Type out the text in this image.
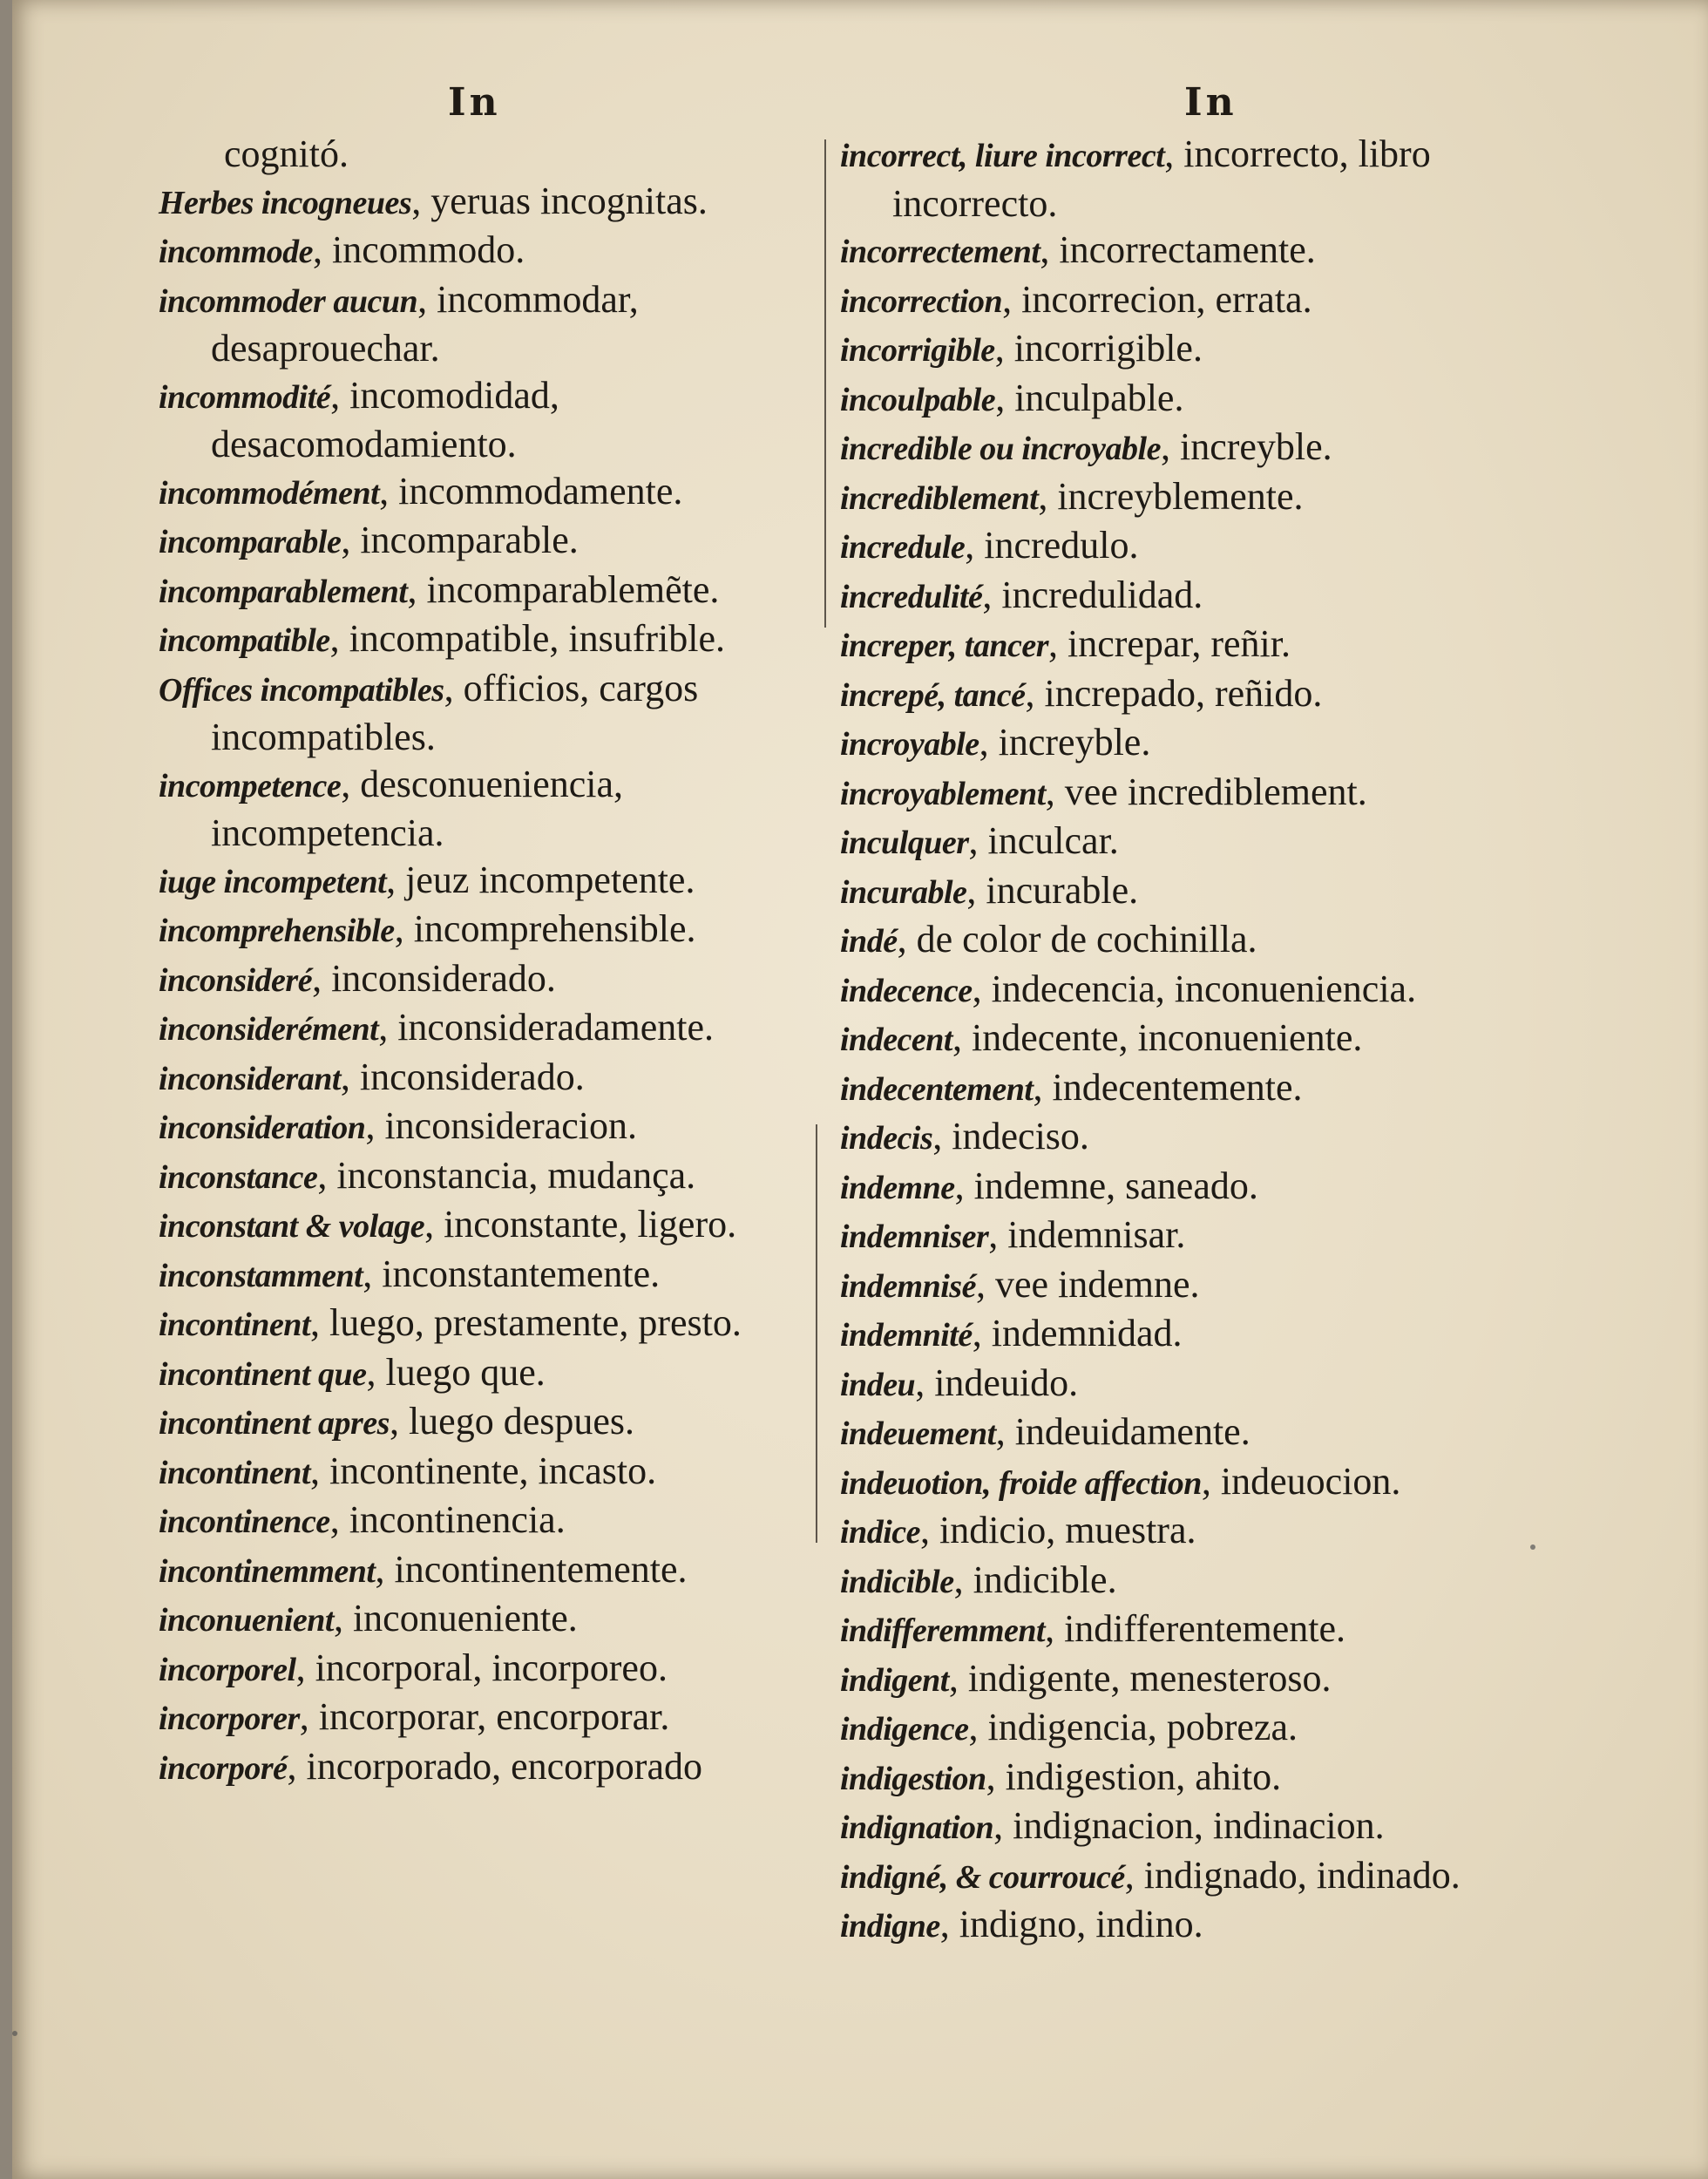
In	In
cognitó.
Herbes incogneues, yeruas incognitas.
incommode, incommodo.
incommoder aucun, incommodar, desaprouechar.
incommodité, incomodidad, desacomodamiento.
incommodément, incommodamente.
incomparable, incomparable.
incomparablement, incomparablemẽte.
incompatible, incompatible, insufrible.
Offices incompatibles, officios, cargos incompatibles.
incompetence, desconueniencia, incompetencia.
iuge incompetent, jeuz incompetente.
incomprehensible, incomprehensible.
inconsideré, inconsiderado.
inconsiderément, inconsideradamente.
inconsiderant, inconsiderado.
inconsideration, inconsideracion.
inconstance, inconstancia, mudança.
inconstant & volage, inconstante, ligero.
inconstamment, inconstantemente.
incontinent, luego, prestamente, presto.
incontinent que, luego que.
incontinent apres, luego despues.
incontinent, incontinente, incasto.
incontinence, incontinencia.
incontinemment, incontinentemente.
inconuenient, inconueniente.
incorporel, incorporal, incorporeo.
incorporer, incorporar, encorporar.
incorporé, incorporado, encorporado
incorrect, liure incorrect, incorrecto, libro incorrecto.
incorrectement, incorrectamente.
incorrection, incorrecion, errata.
incorrigible, incorrigible.
incoulpable, inculpable.
incredible ou incroyable, increyble.
incrediblement, increyblemente.
incredule, incredulo.
incredulité, incredulidad.
increper, tancer, increpar, reñir.
increpé, tancé, increpado, reñido.
incroyable, increyble.
incroyablement, vee incrediblement.
inculquer, inculcar.
incurable, incurable.
indé, de color de cochinilla.
indecence, indecencia, inconueniencia.
indecent, indecente, inconueniente.
indecentement, indecentemente.
indecis, indeciso.
indemne, indemne, saneado.
indemniser, indemnisar.
indemnisé, vee indemne.
indemnité, indemnidad.
indeu, indeuido.
indeuement, indeuidamente.
indeuotion, froide affection, indeuocion.
indice, indicio, muestra.
indicible, indicible.
indifferemment, indifferentemente.
indigent, indigente, menesteroso.
indigence, indigencia, pobreza.
indigestion, indigestion, ahito.
indignation, indignacion, indinacion.
indigné, & courroucé, indignado, indinado.
indigne, indigno, indino.
